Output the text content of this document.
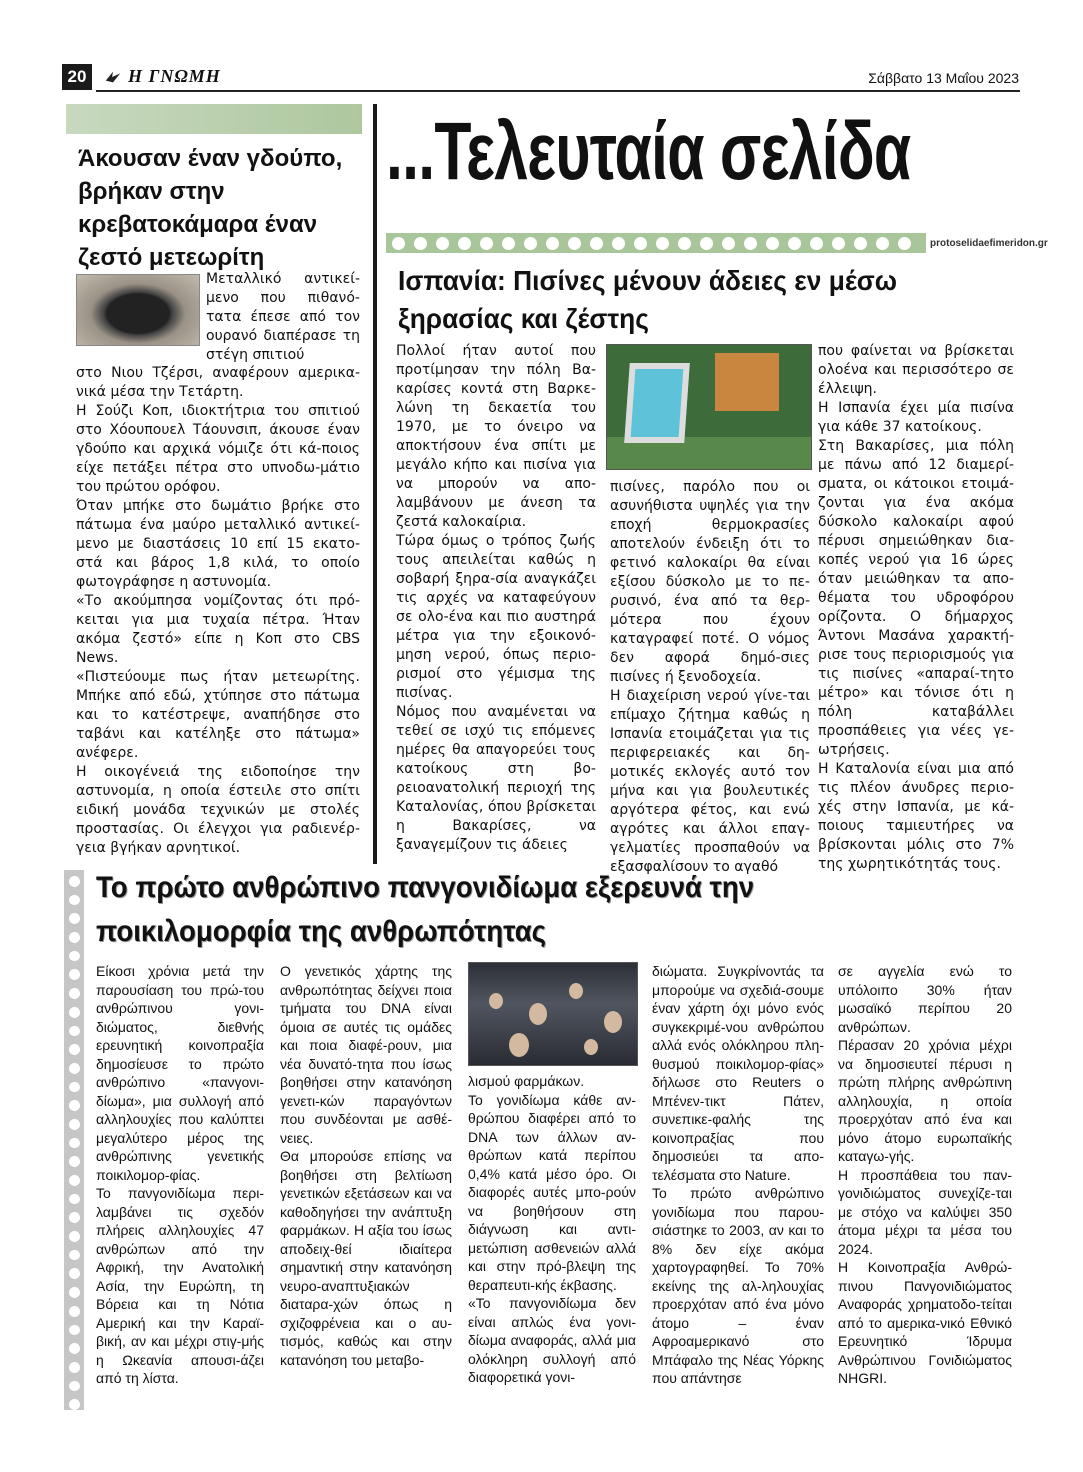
20	Η ΓΝΩΜΗ	Σάββατο 13 Μαΐου 2023
...Τελευταία σελίδα
protoselidaefimeridon.gr
Άκουσαν έναν γδούπο, βρήκαν στην κρεβατοκάμαρα έναν ζεστό μετεωρίτη
Μεταλλικό αντικεί-μενο που πιθανό-τατα έπεσε από τον ουρανό διαπέρασε τη στέγη σπιτιού

στο Νιου Τζέρσι, αναφέρουν αμερικα-νικά μέσα την Τετάρτη.

Η Σούζι Κοπ, ιδιοκτήτρια του σπιτιού στο Χόουπουελ Τάουνσιπ, άκουσε έναν γδούπο και αρχικά νόμιζε ότι κά-ποιος είχε πετάξει πέτρα στο υπνοδω-μάτιο του πρώτου ορόφου.

Όταν μπήκε στο δωμάτιο βρήκε στο πάτωμα ένα μαύρο μεταλλικό αντικεί-μενο με διαστάσεις 10 επί 15 εκατο-στά και βάρος 1,8 κιλά, το οποίο φωτογράφησε η αστυνομία.

«Το ακούμπησα νομίζοντας ότι πρό-κειται για μια τυχαία πέτρα. Ήταν ακόμα ζεστό» είπε η Κοπ στο CBS News.

«Πιστεύουμε πως ήταν μετεωρίτης. Μπήκε από εδώ, χτύπησε στο πάτωμα και το κατέστρεψε, αναπήδησε στο ταβάνι και κατέληξε στο πάτωμα» ανέφερε.

Η οικογένειά της ειδοποίησε την αστυνομία, η οποία έστειλε στο σπίτι ειδική μονάδα τεχνικών με στολές προστασίας. Οι έλεγχοι για ραδιενέρ-γεια βγήκαν αρνητικοί.

Ισπανία: Πισίνες μένουν άδειες εν μέσω ξηρασίας και ζέστης

Πολλοί ήταν αυτοί που προτίμησαν την πόλη Βα-καρίσες κοντά στη Βαρκε-λώνη τη δεκαετία του 1970, με το όνειρο να αποκτήσουν ένα σπίτι με μεγάλο κήπο και πισίνα για να μπορούν να απο-λαμβάνουν με άνεση τα ζεστά καλοκαίρια.

Τώρα όμως ο τρόπος ζωής τους απειλείται καθώς η σοβαρή ξηρα-σία αναγκάζει τις αρχές να καταφεύγουν σε ολο-ένα και πιο αυστηρά μέτρα για την εξοικονό-μηση νερού, όπως περιο-ρισμοί στο γέμισμα της πισίνας.

Νόμος που αναμένεται να τεθεί σε ισχύ τις επόμενες ημέρες θα απαγορεύει τους κατοίκους στη βο-ρειοανατολική περιοχή της Καταλονίας, όπου βρίσκεται η Βακαρίσες, να ξαναγεμίζουν τις άδειες

πισίνες, παρόλο που οι ασυνήθιστα υψηλές για την εποχή θερμοκρασίες αποτελούν ένδειξη ότι το φετινό καλοκαίρι θα είναι εξίσου δύσκολο με το πε-ρυσινό, ένα από τα θερ-μότερα που έχουν καταγραφεί ποτέ. Ο νόμος δεν αφορά δημό-σιες πισίνες ή ξενοδοχεία.

Η διαχείριση νερού γίνε-ται επίμαχο ζήτημα καθώς η Ισπανία ετοιμάζεται για τις περιφερειακές και δη-μοτικές εκλογές αυτό τον μήνα και για βουλευτικές αργότερα φέτος, και ενώ αγρότες και άλλοι επαγ-γελματίες προσπαθούν να εξασφαλίσουν το αγαθό

που φαίνεται να βρίσκεται ολοένα και περισσότερο σε έλλειψη.

Η Ισπανία έχει μία πισίνα για κάθε 37 κατοίκους.

Στη Βακαρίσες, μια πόλη με πάνω από 12 διαμερί-σματα, οι κάτοικοι ετοιμά-ζονται για ένα ακόμα δύσκολο καλοκαίρι αφού πέρυσι σημειώθηκαν δια-κοπές νερού για 16 ώρες όταν μειώθηκαν τα απο-θέματα του υδροφόρου ορίζοντα. Ο δήμαρχος Άντονι Μασάνα χαρακτή-ρισε τους περιορισμούς για τις πισίνες «απαραί-τητο μέτρο» και τόνισε ότι η πόλη καταβάλλει προσπάθειες για νέες γε-ωτρήσεις.

Η Καταλονία είναι μια από τις πλέον άνυδρες περιο-χές στην Ισπανία, με κά-ποιους ταμιευτήρες να βρίσκονται μόλις στο 7% της χωρητικότητάς τους.

Το πρώτο ανθρώπινο πανγονιδίωμα εξερευνά την ποικιλομορφία της ανθρωπότητας

Είκοσι χρόνια μετά την παρουσίαση του πρώ-του ανθρώπινου γονι-διώματος, διεθνής ερευνητική κοινοπραξία δημοσίευσε το πρώτο ανθρώπινο «πανγονι-δίωμα», μια συλλογή από αλληλουχίες που καλύπτει μεγαλύτερο μέρος της ανθρώπινης γενετικής ποικιλομορ-φίας.

Το πανγονιδίωμα περι-λαμβάνει τις σχεδόν πλήρεις αλληλουχίες 47 ανθρώπων από την Αφρική, την Ανατολική Ασία, την Ευρώπη, τη Βόρεια και τη Νότια Αμερική και την Καραϊ-βική, αν και μέχρι στιγ-μής η Ωκεανία απουσι-άζει από τη λίστα.

Ο γενετικός χάρτης της ανθρωπότητας δείχνει ποια τμήματα του DNA είναι όμοια σε αυτές τις ομάδες και ποια διαφέ-ρουν, μια νέα δυνατό-τητα που ίσως βοηθήσει στην κατανόηση γενετι-κών παραγόντων που συνδέονται με ασθέ-νειες.

Θα μπορούσε επίσης να βοηθήσει στη βελτίωση γενετικών εξετάσεων και να καθοδηγήσει την ανάπτυξη φαρμάκων. Η αξία του ίσως αποδειχ-θεί ιδιαίτερα σημαντική στην κατανόηση νευρο-αναπτυξιακών διαταρα-χών όπως η σχιζοφρένεια και ο αυ-τισμός, καθώς και στην κατανόηση του μεταβο-

λισμού φαρμάκων.

Το γονιδίωμα κάθε αν-θρώπου διαφέρει από το DNA των άλλων αν-θρώπων κατά περίπου 0,4% κατά μέσο όρο. Οι διαφορές αυτές μπο-ρούν να βοηθήσουν στη διάγνωση και αντι-μετώπιση ασθενειών αλλά και στην πρό-βλεψη της θεραπευτι-κής έκβασης.

«Το πανγονιδίωμα δεν είναι απλώς ένα γονι-δίωμα αναφοράς, αλλά μια ολόκληρη συλλογή από διαφορετικά γονι-

διώματα. Συγκρίνοντάς τα μπορούμε να σχεδιά-σουμε έναν χάρτη όχι μόνο ενός συγκεκριμέ-νου ανθρώπου αλλά ενός ολόκληρου πλη-θυσμού ποικιλομορ-φίας» δήλωσε στο Reuters ο Μπένεν-τικτ Πάτεν, συνεπικε-φαλής της κοινοπραξίας που δημοσιεύει τα απο-τελέσματα στο Nature.

Το πρώτο ανθρώπινο γονιδίωμα που παρου-σιάστηκε το 2003, αν και το 8% δεν είχε ακόμα χαρτογραφηθεί. Το 70% εκείνης της αλ-ληλουχίας προερχόταν από ένα μόνο άτομο – έναν Αφροαμερικανό στο Μπάφαλο της Νέας Υόρκης που απάντησε

σε αγγελία ενώ το υπόλοιπο 30% ήταν μωσαϊκό περίπου 20 ανθρώπων.

Πέρασαν 20 χρόνια μέχρι να δημοσιευτεί πέρυσι η πρώτη πλήρης ανθρώπινη αλληλουχία, η οποία προερχόταν από ένα και μόνο άτομο ευρωπαϊκής καταγω-γής.

Η προσπάθεια του παν-γονιδιώματος συνεχίζε-ται με στόχο να καλύψει 350 άτομα μέχρι τα μέσα του 2024.

Η Κοινοπραξία Ανθρώ-πινου Πανγονιδιώματος Αναφοράς χρηματοδο-τείται από το αμερικα-νικό Εθνικό Ερευνητικό Ίδρυμα Ανθρώπινου Γονιδιώματος NHGRI.
